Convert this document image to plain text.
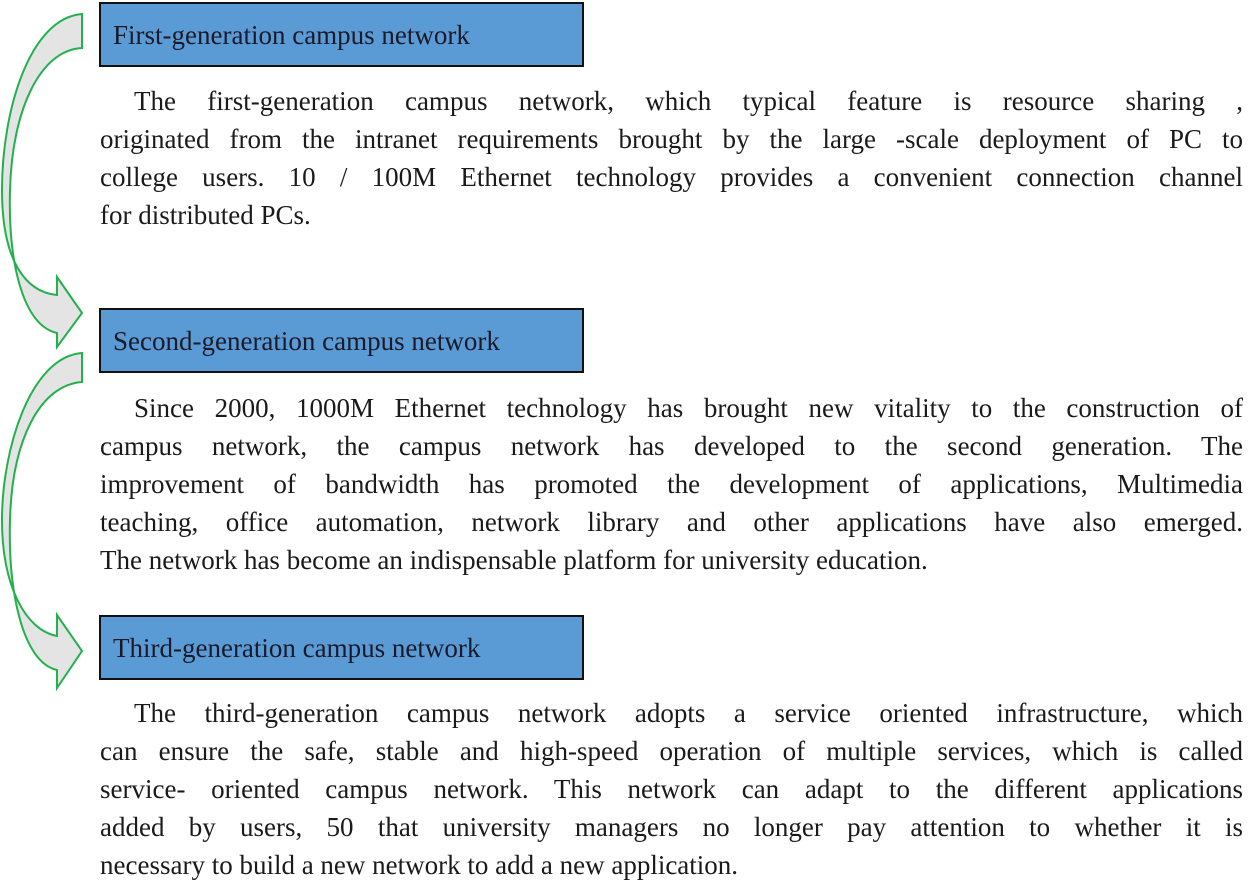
First-generation campus network
The first-generation campus network, which typical feature is resource sharing ,
originated from the intranet requirements brought by the large -scale deployment of PC to
college users. 10 / 100M Ethernet technology provides a convenient connection channel
for distributed PCs.
Second-generation campus network
Since 2000, 1000M Ethernet technology has brought new vitality to the construction of
campus network, the campus network has developed to the second generation. The
improvement of bandwidth has promoted the development of applications, Multimedia
teaching, office automation, network library and other applications have also emerged.
The network has become an indispensable platform for university education.
Third-generation campus network
The third-generation campus network adopts a service oriented infrastructure, which
can ensure the safe, stable and high-speed operation of multiple services, which is called
service- oriented campus network. This network can adapt to the different applications
added by users, 50 that university managers no longer pay attention to whether it is
necessary to build a new network to add a new application.
